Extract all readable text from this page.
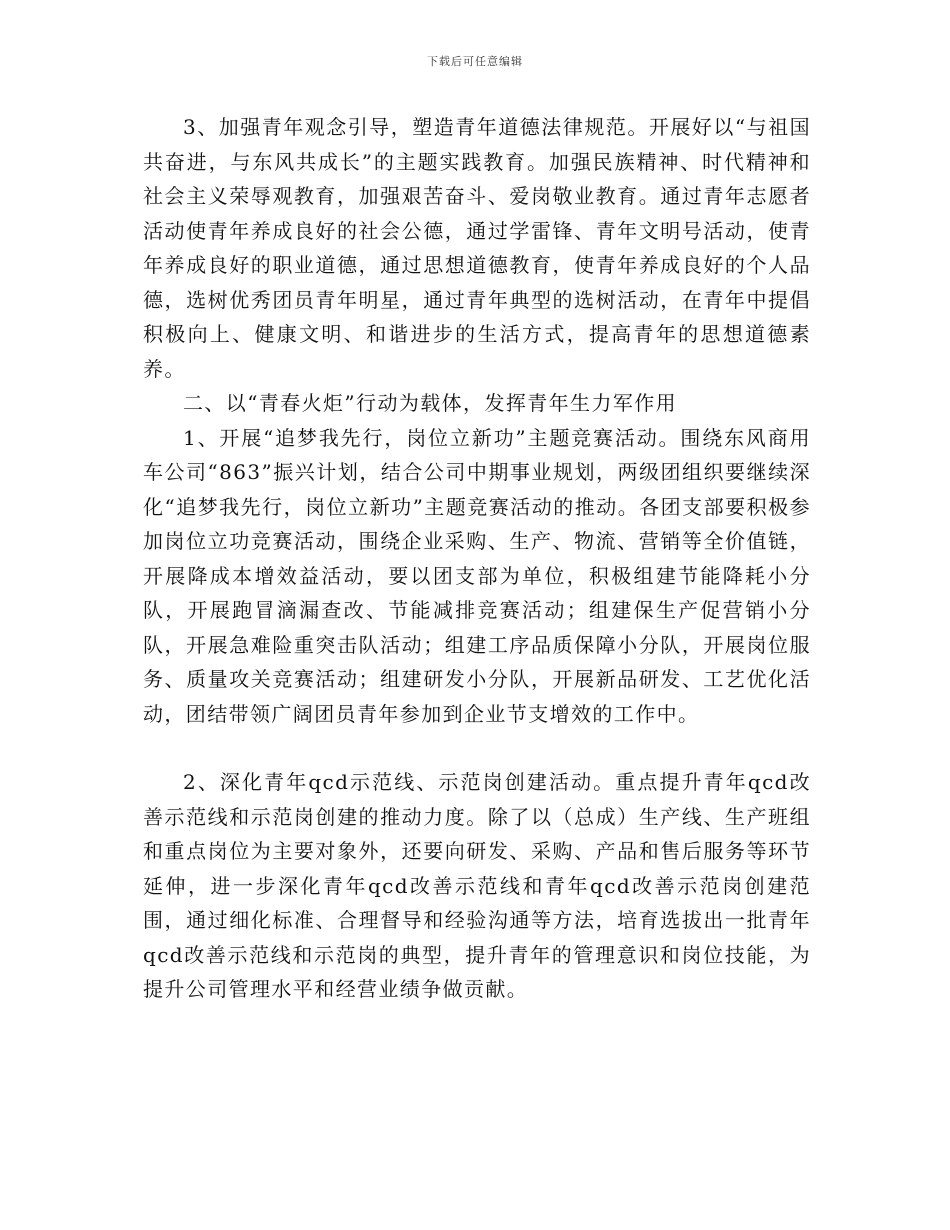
下载后可任意编辑

3、加强青年观念引导，塑造青年道德法律规范。开展好以“与祖国共奋进，与东风共成长”的主题实践教育。加强民族精神、时代精神和社会主义荣辱观教育，加强艰苦奋斗、爱岗敬业教育。通过青年志愿者活动使青年养成良好的社会公德，通过学雷锋、青年文明号活动，使青年养成良好的职业道德，通过思想道德教育，使青年养成良好的个人品德，选树优秀团员青年明星，通过青年典型的选树活动，在青年中提倡积极向上、健康文明、和谐进步的生活方式，提高青年的思想道德素养。

二、以“青春火炬”行动为载体，发挥青年生力军作用

1、开展“追梦我先行，岗位立新功”主题竞赛活动。围绕东风商用车公司“863”振兴计划，结合公司中期事业规划，两级团组织要继续深化“追梦我先行，岗位立新功”主题竞赛活动的推动。各团支部要积极参加岗位立功竞赛活动，围绕企业采购、生产、物流、营销等全价值链，开展降成本增效益活动，要以团支部为单位，积极组建节能降耗小分队，开展跑冒滴漏查改、节能减排竞赛活动；组建保生产促营销小分队，开展急难险重突击队活动；组建工序品质保障小分队，开展岗位服务、质量攻关竞赛活动；组建研发小分队，开展新品研发、工艺优化活动，团结带领广阔团员青年参加到企业节支增效的工作中。

2、深化青年qcd示范线、示范岗创建活动。重点提升青年qcd改善示范线和示范岗创建的推动力度。除了以（总成）生产线、生产班组和重点岗位为主要对象外，还要向研发、采购、产品和售后服务等环节延伸，进一步深化青年qcd改善示范线和青年qcd改善示范岗创建范围，通过细化标准、合理督导和经验沟通等方法，培育选拔出一批青年qcd改善示范线和示范岗的典型，提升青年的管理意识和岗位技能，为提升公司管理水平和经营业绩争做贡献。
